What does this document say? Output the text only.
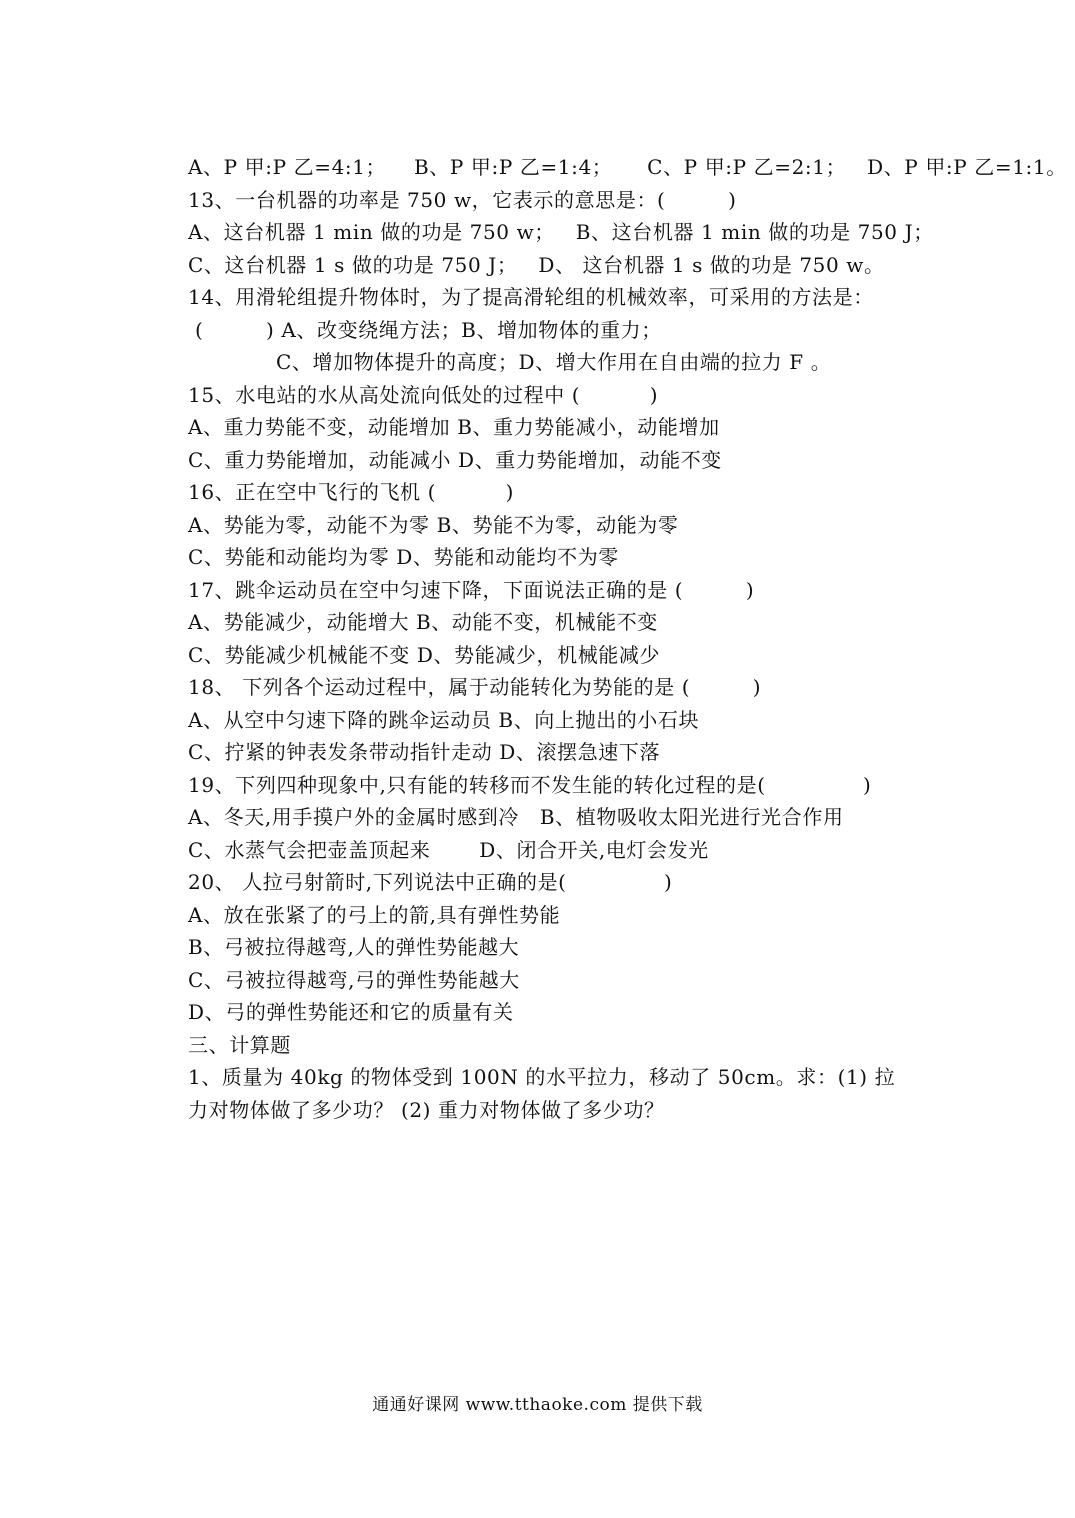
A、P 甲:P 乙=4:1；    B、P 甲:P 乙=1:4；     C、P 甲:P 乙=2:1；   D、P 甲:P 乙=1:1。
13、一台机器的功率是 750 w，它表示的意思是：(         )
A、这台机器 1 min 做的功是 750 w；   B、这台机器 1 min 做的功是 750 J；
C、这台机器 1 s 做的功是 750 J；   D、 这台机器 1 s 做的功是 750 w。
14、用滑轮组提升物体时，为了提高滑轮组的机械效率，可采用的方法是：
(         ) A、改变绕绳方法；B、增加物体的重力；
C、增加物体提升的高度；D、增大作用在自由端的拉力 F 。
15、水电站的水从高处流向低处的过程中 (          )
A、重力势能不变，动能增加 B、重力势能减小，动能增加
C、重力势能增加，动能减小 D、重力势能增加，动能不变
16、正在空中飞行的飞机 (          )
A、势能为零，动能不为零 B、势能不为零，动能为零
C、势能和动能均为零 D、势能和动能均不为零
17、跳伞运动员在空中匀速下降，下面说法正确的是 (         )
A、势能减少，动能增大 B、动能不变，机械能不变
C、势能减少机械能不变 D、势能减少，机械能减少
18、 下列各个运动过程中，属于动能转化为势能的是 (         )
A、从空中匀速下降的跳伞运动员 B、向上抛出的小石块
C、拧紧的钟表发条带动指针走动 D、滚摆急速下落
19、下列四种现象中,只有能的转移而不发生能的转化过程的是(              )
A、冬天,用手摸户外的金属时感到冷   B、植物吸收太阳光进行光合作用
C、水蒸气会把壶盖顶起来       D、闭合开关,电灯会发光
20、 人拉弓射箭时,下列说法中正确的是(              )
A、放在张紧了的弓上的箭,具有弹性势能
B、弓被拉得越弯,人的弹性势能越大
C、弓被拉得越弯,弓的弹性势能越大
D、弓的弹性势能还和它的质量有关
三、计算题
1、质量为 40kg 的物体受到 100N 的水平拉力，移动了 50cm。求：(1) 拉
力对物体做了多少功？ (2) 重力对物体做了多少功？
通通好课网 www.tthaoke.com 提供下载
